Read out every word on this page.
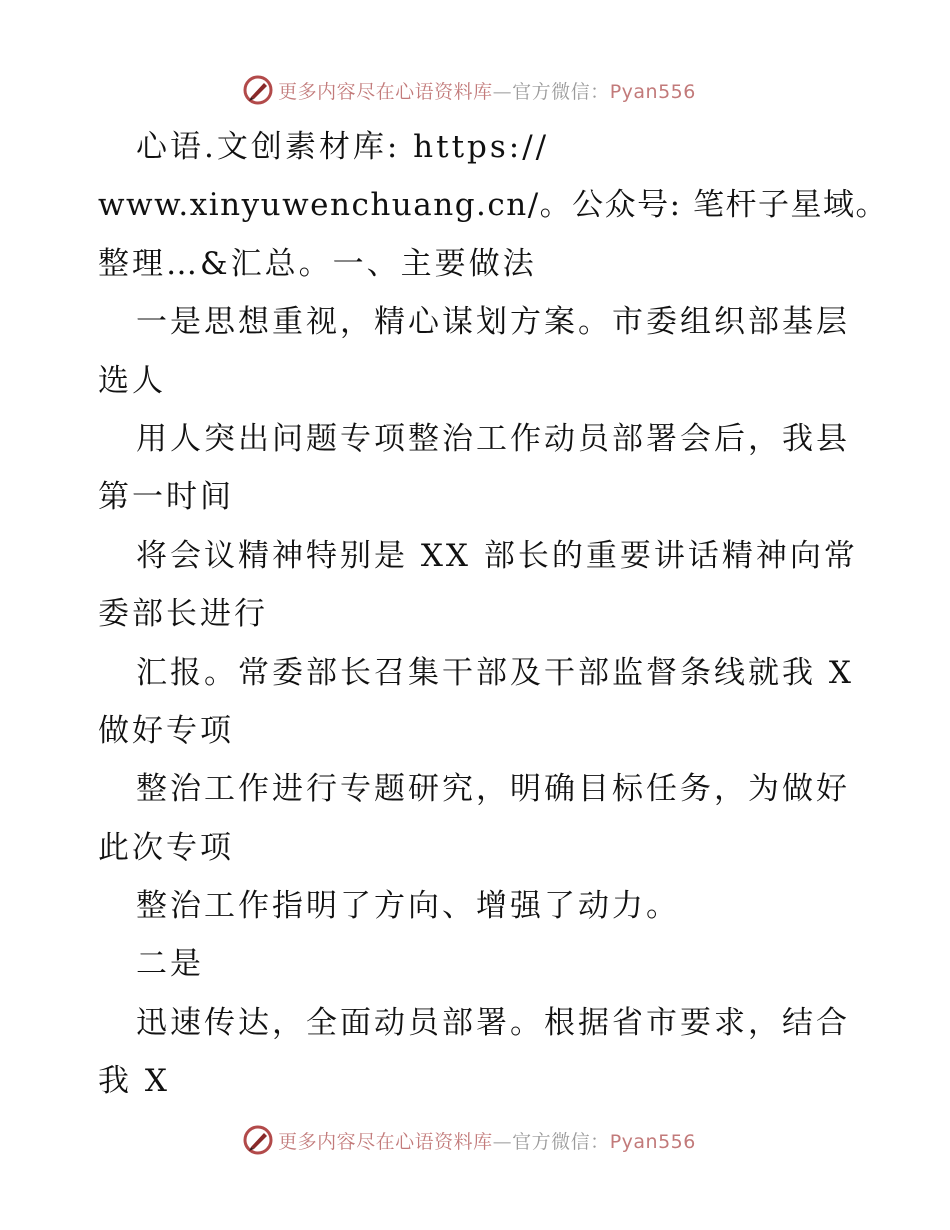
更多内容尽在心语资料库—官方微信：Pyan556
心语.文创素材库: https://
www.xinyuwenchuang.cn/。公众号: 笔杆子星域。
整理…&汇总。一、主要做法
一是思想重视，精心谋划方案。市委组织部基层
选人
用人突出问题专项整治工作动员部署会后，我县
第一时间
将会议精神特别是 XX 部长的重要讲话精神向常
委部长进行
汇报。常委部长召集干部及干部监督条线就我 X
做好专项
整治工作进行专题研究，明确目标任务，为做好
此次专项
整治工作指明了方向、增强了动力。
二是
迅速传达，全面动员部署。根据省市要求，结合
我 X
更多内容尽在心语资料库—官方微信：Pyan556
